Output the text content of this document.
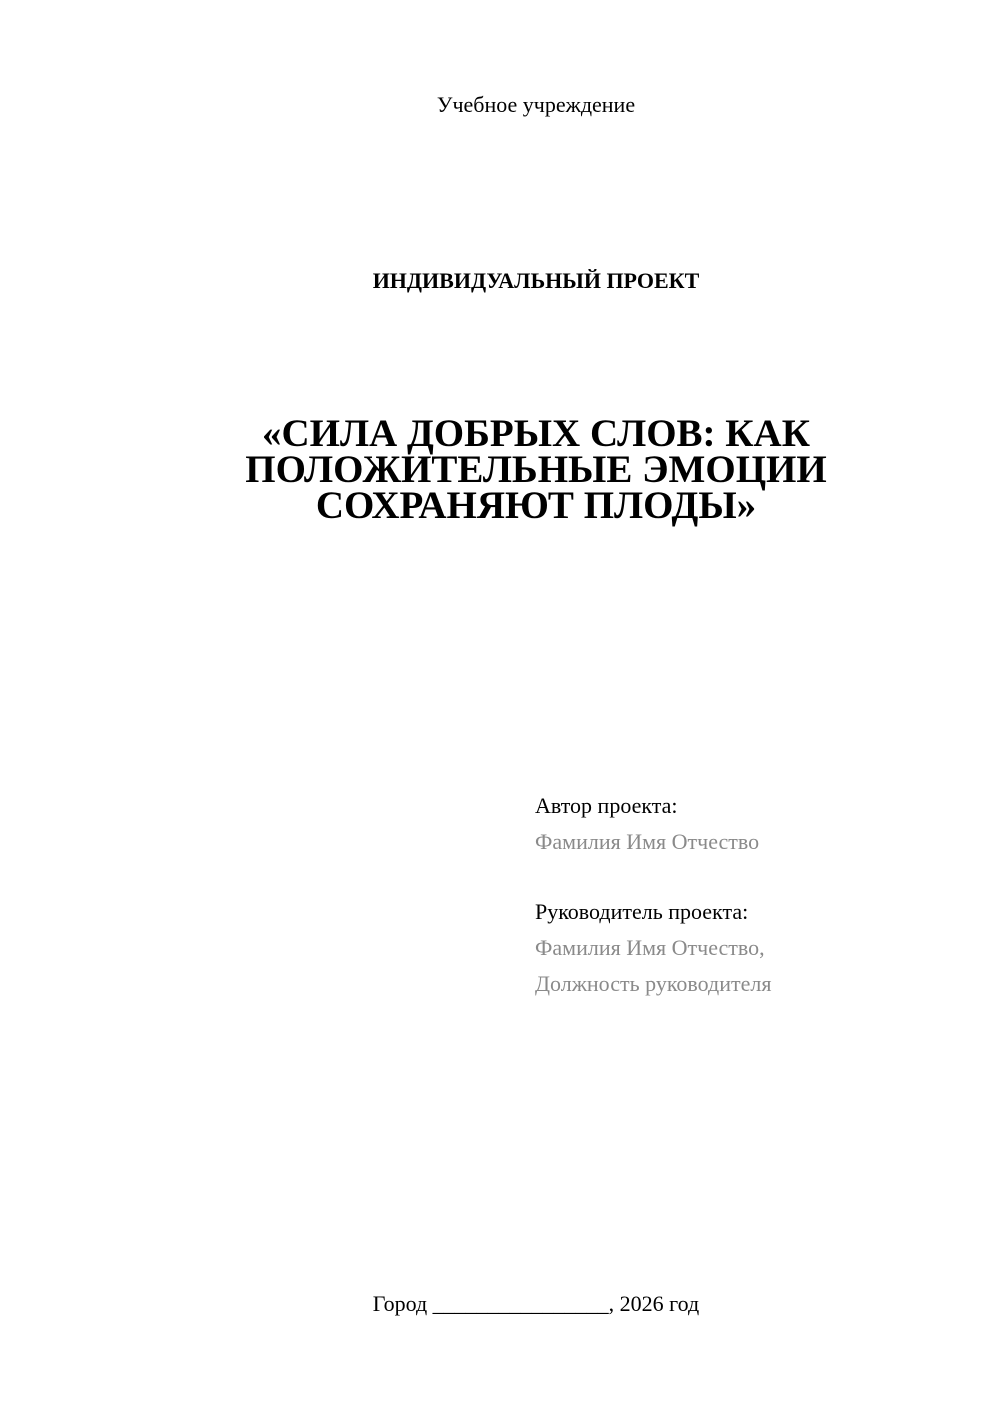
Учебное учреждение

ИНДИВИДУАЛЬНЫЙ ПРОЕКТ

«СИЛА ДОБРЫХ СЛОВ: КАК
ПОЛОЖИТЕЛЬНЫЕ ЭМОЦИИ
СОХРАНЯЮТ ПЛОДЫ»
Автор проекта:
Фамилия Имя Отчество
Руководитель проекта:
Фамилия Имя Отчество,
Должность руководителя

Город ________________, 2026 год
